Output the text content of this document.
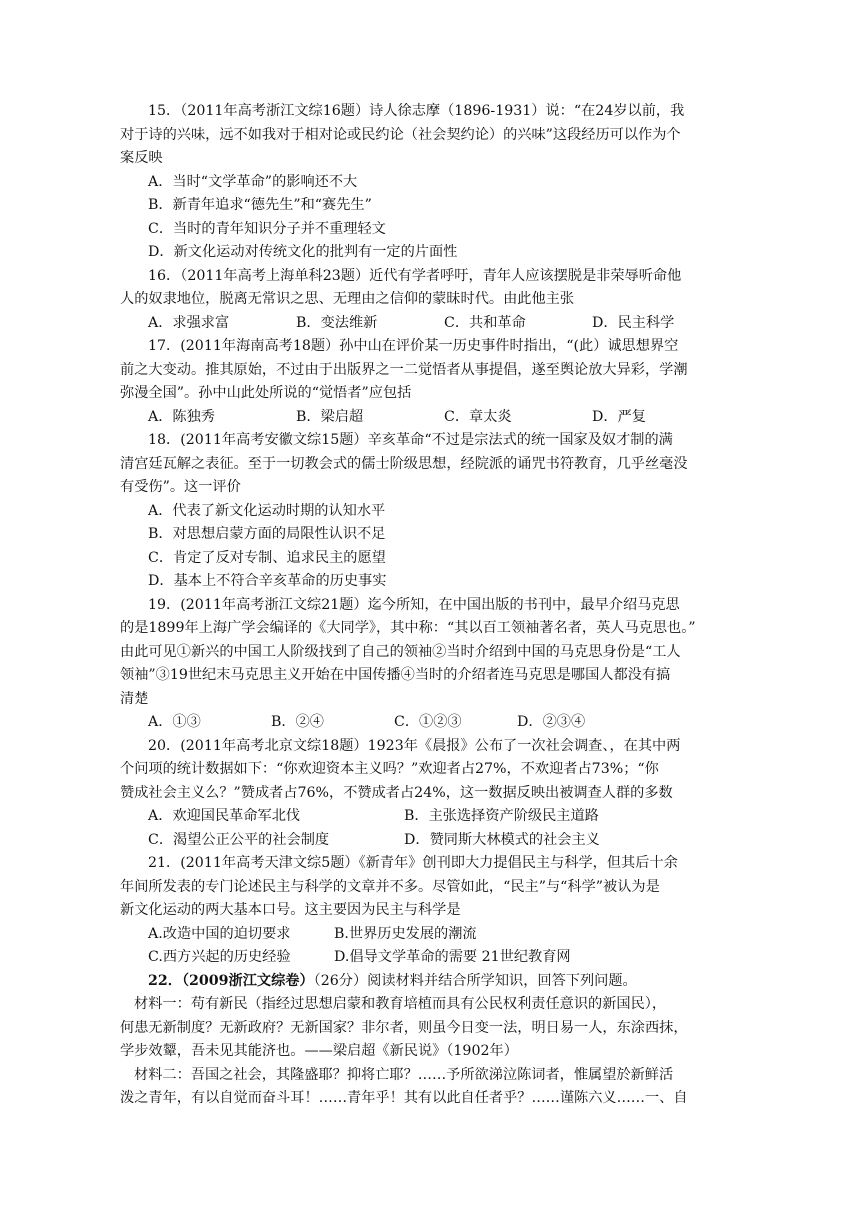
15．（2011年高考浙江文综16题）诗人徐志摩（1896-1931）说：“在24岁以前，我
对于诗的兴味，远不如我对于相对论或民约论（社会契约论）的兴味”这段经历可以作为个
案反映
A．当时“文学革命”的影响还不大
B．新青年追求“德先生”和“赛先生”
C．当时的青年知识分子并不重理轻文
D．新文化运动对传统文化的批判有一定的片面性
16．（2011年高考上海单科23题）近代有学者呼吁，青年人应该摆脱是非荣辱听命他
人的奴隶地位，脱离无常识之思、无理由之信仰的蒙昧时代。由此他主张
A．求强求富	B．变法维新	C．共和革命	D．民主科学
17．(2011年海南高考18题）孙中山在评价某一历史事件时指出，“(此）诚思想界空
前之大变动。推其原始，不过由于出版界之一二觉悟者从事提倡，遂至舆论放大异彩，学潮
弥漫全国”。孙中山此处所说的“觉悟者”应包括
A．陈独秀	B．梁启超	C．章太炎	D．严复
18．(2011年高考安徽文综15题）辛亥革命“不过是宗法式的统一国家及奴才制的满
清宫廷瓦解之表征。至于一切教会式的儒士阶级思想，经院派的诵咒书符教育，几乎丝毫没
有受伤”。这一评价
A．代表了新文化运动时期的认知水平
B．对思想启蒙方面的局限性认识不足
C．肯定了反对专制、追求民主的愿望
D．基本上不符合辛亥革命的历史事实
19．(2011年高考浙江文综21题）迄今所知，在中国出版的书刊中，最早介绍马克思
的是1899年上海广学会编译的《大同学》，其中称：“其以百工领袖著名者，英人马克思也。”
由此可见①新兴的中国工人阶级找到了自己的领袖②当时介绍到中国的马克思身份是“工人
领袖”③19世纪末马克思主义开始在中国传播④当时的介绍者连马克思是哪国人都没有搞
清楚
A．①③	B．②④	C．①②③	D．②③④
20．(2011年高考北京文综18题）1923年《晨报》公布了一次社会调查、，在其中两
个问项的统计数据如下：“你欢迎资本主义吗？”欢迎者占27%，不欢迎者占73%；“你
赞成社会主义么？”赞成者占76%，不赞成者占24%，这一数据反映出被调查人群的多数
A．欢迎国民革命军北伐	B．主张选择资产阶级民主道路
C．渴望公正公平的社会制度	D．赞同斯大林模式的社会主义
21．(2011年高考天津文综5题）《新青年》创刊即大力提倡民主与科学，但其后十余
年间所发表的专门论述民主与科学的文章并不多。尽管如此，“民主”与“科学”被认为是
新文化运动的两大基本口号。这主要因为民主与科学是
A.改造中国的迫切要求	B.世界历史发展的潮流
C.西方兴起的历史经验	D.倡导文学革命的需要 21世纪教育网
22．（2009浙江文综卷）（26分）阅读材料并结合所学知识，回答下列问题。
材料一：苟有新民（指经过思想启蒙和教育培植而具有公民权利责任意识的新国民），
何患无新制度？无新政府？无新国家？非尔者，则虽今日变一法，明日易一人，东涂西抹，
学步效颦，吾未见其能济也。——梁启超《新民说》（1902年）
材料二：吾国之社会，其隆盛耶？抑将亡耶？……予所欲涕泣陈词者，惟属望於新鲜活
泼之青年，有以自觉而奋斗耳！……青年乎！其有以此自任者乎？……谨陈六义……一、自
